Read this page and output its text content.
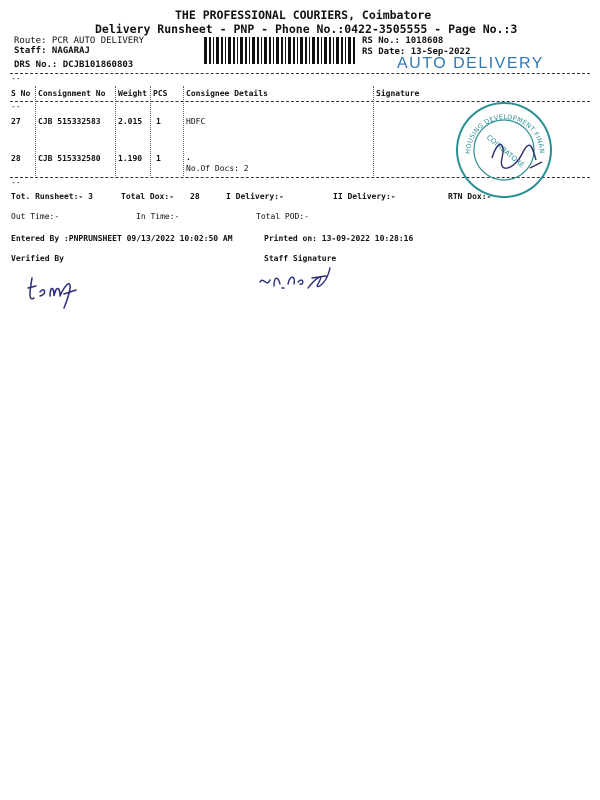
THE PROFESSIONAL COURIERS, Coimbatore
Delivery Runsheet - PNP - Phone No.:0422-3505555 - Page No.:3
Route: PCR AUTO DELIVERY
Staff: NAGARAJ
DRS No.: DCJB101860803
RS No.: 1018608
RS Date: 13-Sep-2022
AUTO DELIVERY
--
--
--
S No Consignment No Weight PCS Consignee Details	Signature
27 CJB 515332583 2.015 1	HDFC
28 CJB 515332580 1.190 1	.
No.Of Docs: 2
HOUSING DEVELOPMENT FINAN
COIMBATORE
Tot. Runsheet:- 3	Total Dox:- 28	I Delivery:-	II Delivery:-	RTN Dox:-
Out Time:-	In Time:-	Total POD:-
Entered By :PNPRUNSHEET 09/13/2022 10:02:50 AM	Printed on: 13-09-2022 10:28:16
Verified By	Staff Signature
